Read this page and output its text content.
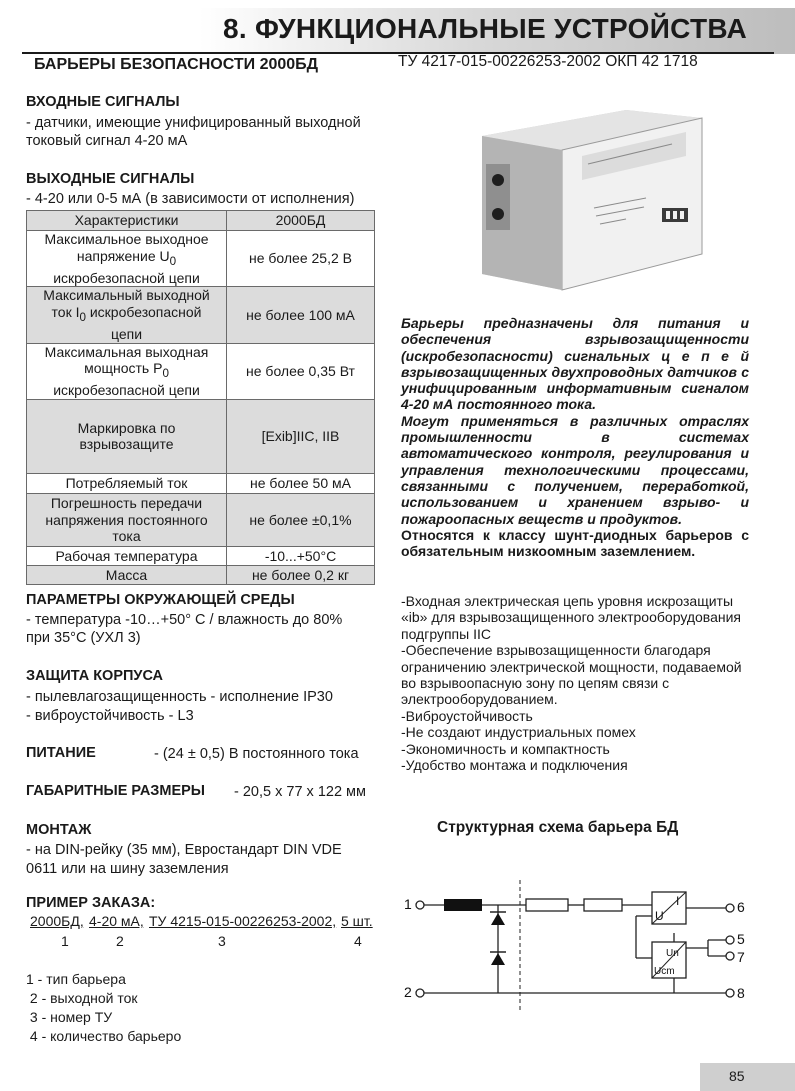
8. ФУНКЦИОНАЛЬНЫЕ УСТРОЙСТВА
БАРЬЕРЫ БЕЗОПАСНОСТИ 2000БД	ТУ 4217-015-00226253-2002 ОКП 42 1718
ВХОДНЫЕ СИГНАЛЫ
- датчики, имеющие унифицированный выходной
токовый сигнал 4-20 мА
ВЫХОДНЫЕ СИГНАЛЫ
- 4-20 или 0-5 мА (в зависимости от исполнения)
Характеристики	2000БД
Максимальное выходное
напряжение $U_0$
искробезопасной цепи	не более 25,2 В
Максимальный выходной
ток $I_0$ искробезопасной
цепи	не более 100 мА
Максимальная выходная
мощность $P_0$
искробезопасной цепи	не более 0,35 Вт
Маркировка по
взрывозащите	[Exib]IIC, IIB
Потребляемый ток	не более 50 мА
Погрешность передачи
напряжения постоянного
тока	не более ±0,1%
Рабочая температура	-10...+50°С
Масса	не более 0,2 кг
ПАРАМЕТРЫ ОКРУЖАЮЩЕЙ СРЕДЫ
- температура -10…+50° С / влажность до 80%
при 35°С (УХЛ 3)
ЗАЩИТА КОРПУСА
- пылевлагозащищенность - исполнение IP30
- виброустойчивость - L3
ПИТАНИЕ	- (24 ± 0,5) В постоянного тока
ГАБАРИТНЫЕ РАЗМЕРЫ - 20,5 х 77 х 122 мм
МОНТАЖ
- на DIN-рейку (35 мм), Евростандарт DIN VDE
0611 или на шину заземления
ПРИМЕР ЗАКАЗА:
2000БД, 4-20 мА, ТУ 4215-015-00226253-2002, 5 шт.
1	2	3	4
1 - тип барьера
2 - выходной ток
3 - номер ТУ
4 - количество барьеро
Барьеры предназначены для питания и обеспечения взрывозащищенности (искробезопасности) сигнальных ц е п е й взрывозащищенных двухпроводных датчиков с унифицированным информативным сигналом 4-20 мА постоянного тока.
Могут применяться в различных отраслях промышленности в системах автоматического контроля, регулирования и управления технологическими процессами, связанными с получением, переработкой, использованием и хранением взрыво- и пожароопасных веществ и продуктов.
Относятся к классу шунт-диодных барьеров с обязательным низкоомным заземлением.
-Входная электрическая цепь уровня искрозащиты «ib» для взрывозащищенного электрооборудования подгруппы IIC
-Обеспечение взрывозащищенности благодаря ограничению электрической мощности, подаваемой во взрывоопасную зону по цепям связи с электрооборудованием.
-Виброустойчивость
-Не создают индустриальных помех
-Экономичность и компактность
-Удобство монтажа и подключения
Структурная схема барьера БД
U
I
Un
Ucm
1
2
5
6
7
8
85
